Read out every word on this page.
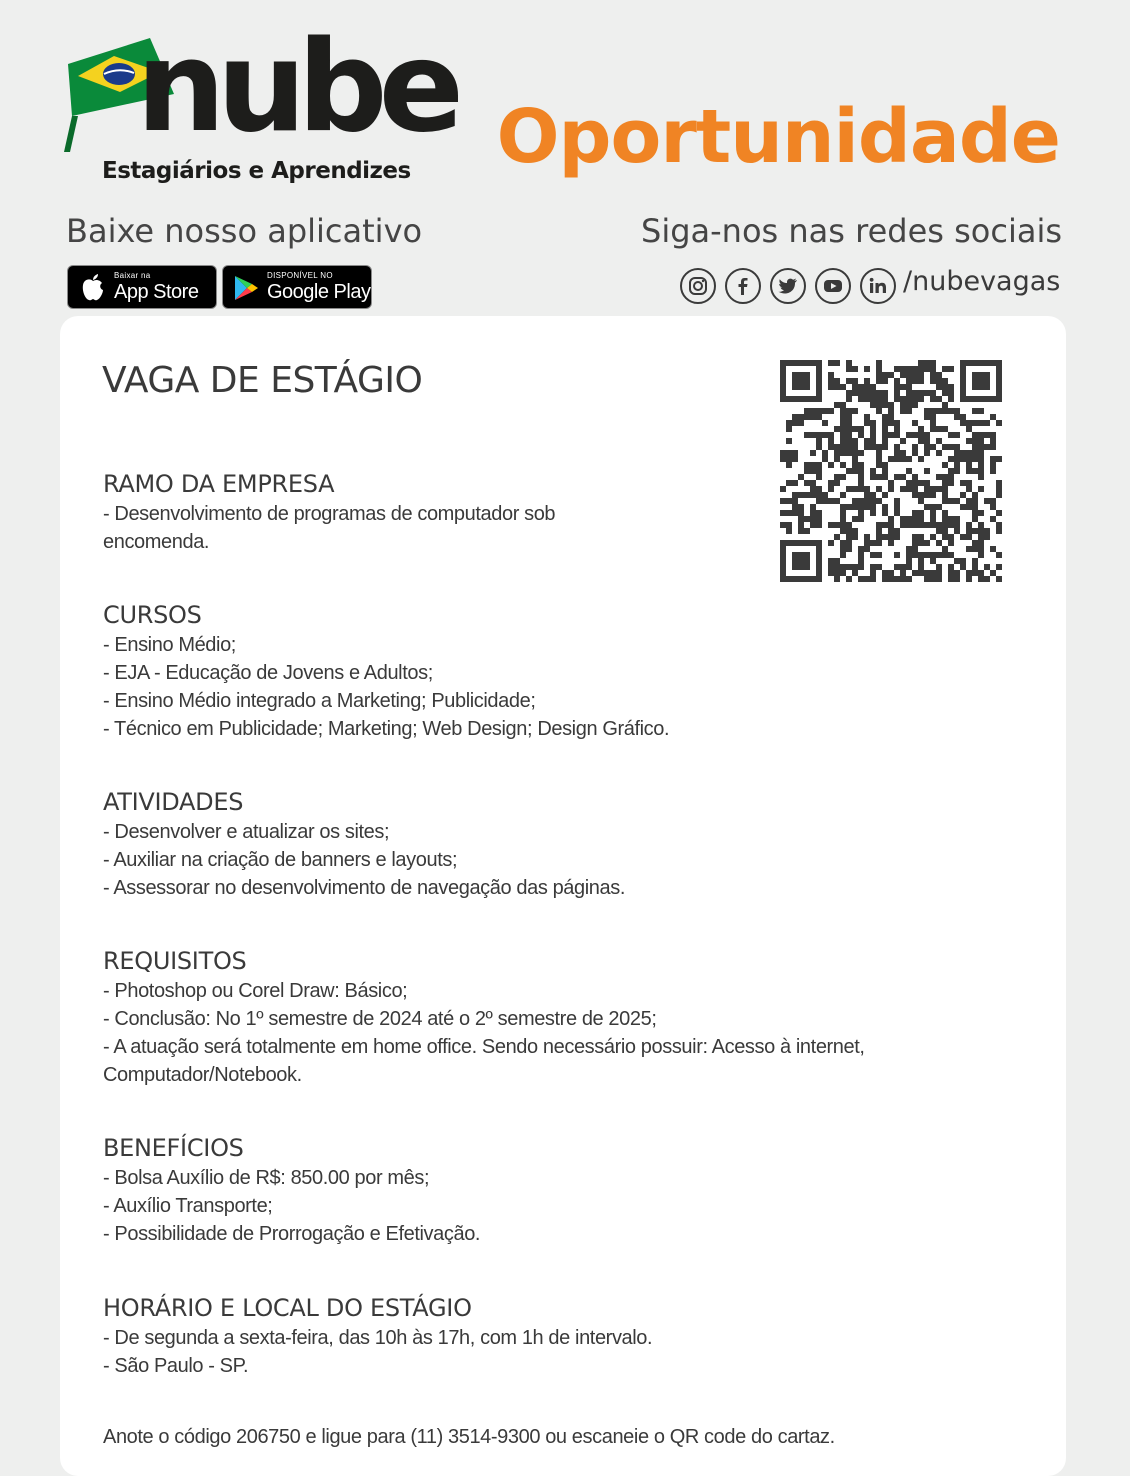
nube
Estagiários e Aprendizes Oportunidade
Baixe nosso aplicativo	Siga-nos nas redes sociais
Baixar na
App Store
DISPONÍVEL NO
Google Play	/nubevagas
VAGA DE ESTÁGIO
RAMO DA EMPRESA
- Desenvolvimento de programas de computador sob
encomenda.
CURSOS
- Ensino Médio;
- EJA - Educação de Jovens e Adultos;
- Ensino Médio integrado a Marketing; Publicidade;
- Técnico em Publicidade; Marketing; Web Design; Design Gráfico.
ATIVIDADES
- Desenvolver e atualizar os sites;
- Auxiliar na criação de banners e layouts;
- Assessorar no desenvolvimento de navegação das páginas.
REQUISITOS
- Photoshop ou Corel Draw: Básico;
- Conclusão: No 1º semestre de 2024 até o 2º semestre de 2025;
- A atuação será totalmente em home office. Sendo necessário possuir: Acesso à internet,
Computador/Notebook.
BENEFÍCIOS
- Bolsa Auxílio de R$: 850.00 por mês;
- Auxílio Transporte;
- Possibilidade de Prorrogação e Efetivação.
HORÁRIO E LOCAL DO ESTÁGIO
- De segunda a sexta-feira, das 10h às 17h, com 1h de intervalo.
- São Paulo - SP.
Anote o código 206750 e ligue para (11) 3514-9300 ou escaneie o QR code do cartaz.
